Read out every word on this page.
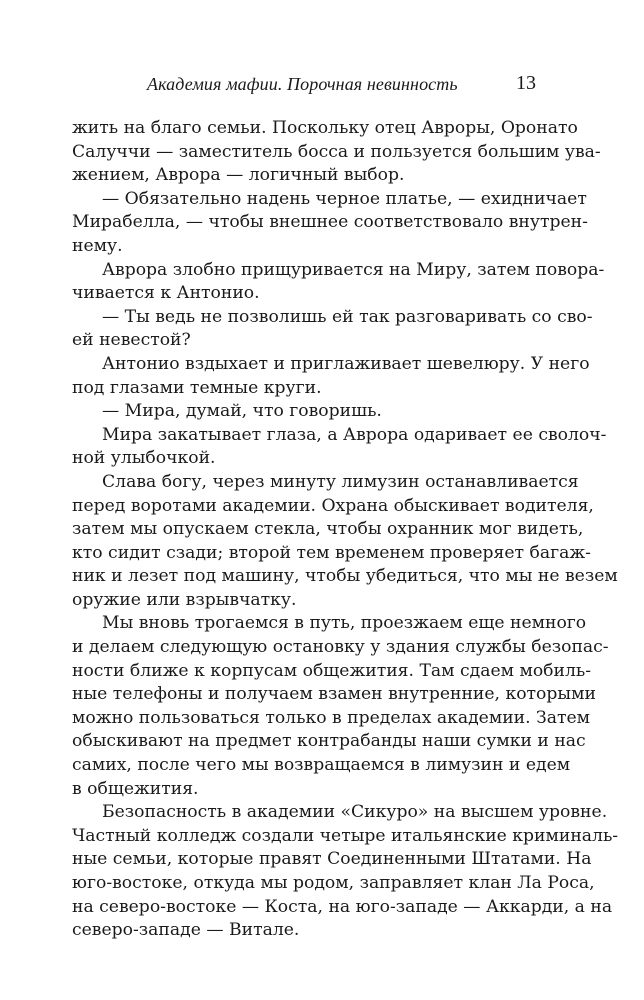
Академия мафии. Порочная невинность	13
жить на благо семьи. Поскольку отец Авроры, Оронато
Салуччи — заместитель босса и пользуется большим ува-
жением, Аврора — логичный выбор.
— Обязательно надень черное платье, — ехидничает
Мирабелла, — чтобы внешнее соответствовало внутрен-
нему.
Аврора злобно прищуривается на Миру, затем повора-
чивается к Антонио.
— Ты ведь не позволишь ей так разговаривать со сво-
ей невестой?
Антонио вздыхает и приглаживает шевелюру. У него
под глазами темные круги.
— Мира, думай, что говоришь.
Мира закатывает глаза, а Аврора одаривает ее сволоч-
ной улыбочкой.
Слава богу, через минуту лимузин останавливается
перед воротами академии. Охрана обыскивает водителя,
затем мы опускаем стекла, чтобы охранник мог видеть,
кто сидит сзади; второй тем временем проверяет багаж-
ник и лезет под машину, чтобы убедиться, что мы не везем
оружие или взрывчатку.
Мы вновь трогаемся в путь, проезжаем еще немного
и делаем следующую остановку у здания службы безопас-
ности ближе к корпусам общежития. Там сдаем мобиль-
ные телефоны и получаем взамен внутренние, которыми
можно пользоваться только в пределах академии. Затем
обыскивают на предмет контрабанды наши сумки и нас
самих, после чего мы возвращаемся в лимузин и едем
в общежития.
Безопасность в академии «Сикуро» на высшем уровне.
Частный колледж создали четыре итальянские криминаль-
ные семьи, которые правят Соединенными Штатами. На
юго-востоке, откуда мы родом, заправляет клан Ла Роса,
на северо-востоке — Коста, на юго-западе — Аккарди, а на
северо-западе — Витале.
